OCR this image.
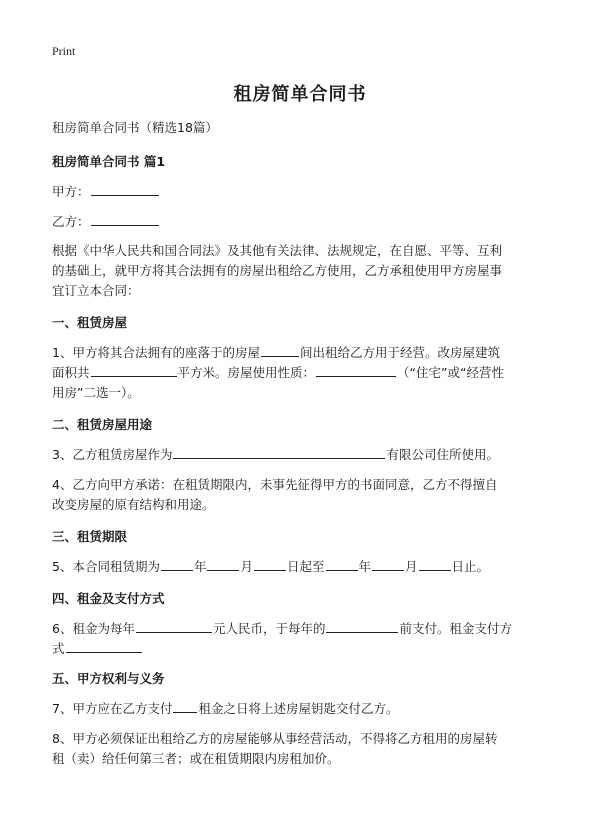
Print
租房简单合同书
租房简单合同书（精选18篇）
租房简单合同书 篇1
甲方：
乙方：
根据《中华人民共和国合同法》及其他有关法律、法规规定，在自愿、平等、互利
的基础上，就甲方将其合法拥有的房屋出租给乙方使用，乙方承租使用甲方房屋事
宜订立本合同：
一、租赁房屋
1、甲方将其合法拥有的座落于的房屋	间出租给乙方用于经营。改房屋建筑
面积共	平方米。房屋使用性质：	（“住宅”或“经营性
用房”二选一）。
二、租赁房屋用途
3、乙方租赁房屋作为	有限公司住所使用。
4、乙方向甲方承诺：在租赁期限内，未事先征得甲方的书面同意，乙方不得擅自
改变房屋的原有结构和用途。
三、租赁期限
5、本合同租赁期为	年	月	日起至	年	月	日止。
四、租金及支付方式
6、租金为每年	元人民币，于每年的	前支付。租金支付方
式
五、甲方权利与义务
7、甲方应在乙方支付 租金之日将上述房屋钥匙交付乙方。
8、甲方必须保证出租给乙方的房屋能够从事经营活动，不得将乙方租用的房屋转
租（卖）给任何第三者；或在租赁期限内房租加价。
